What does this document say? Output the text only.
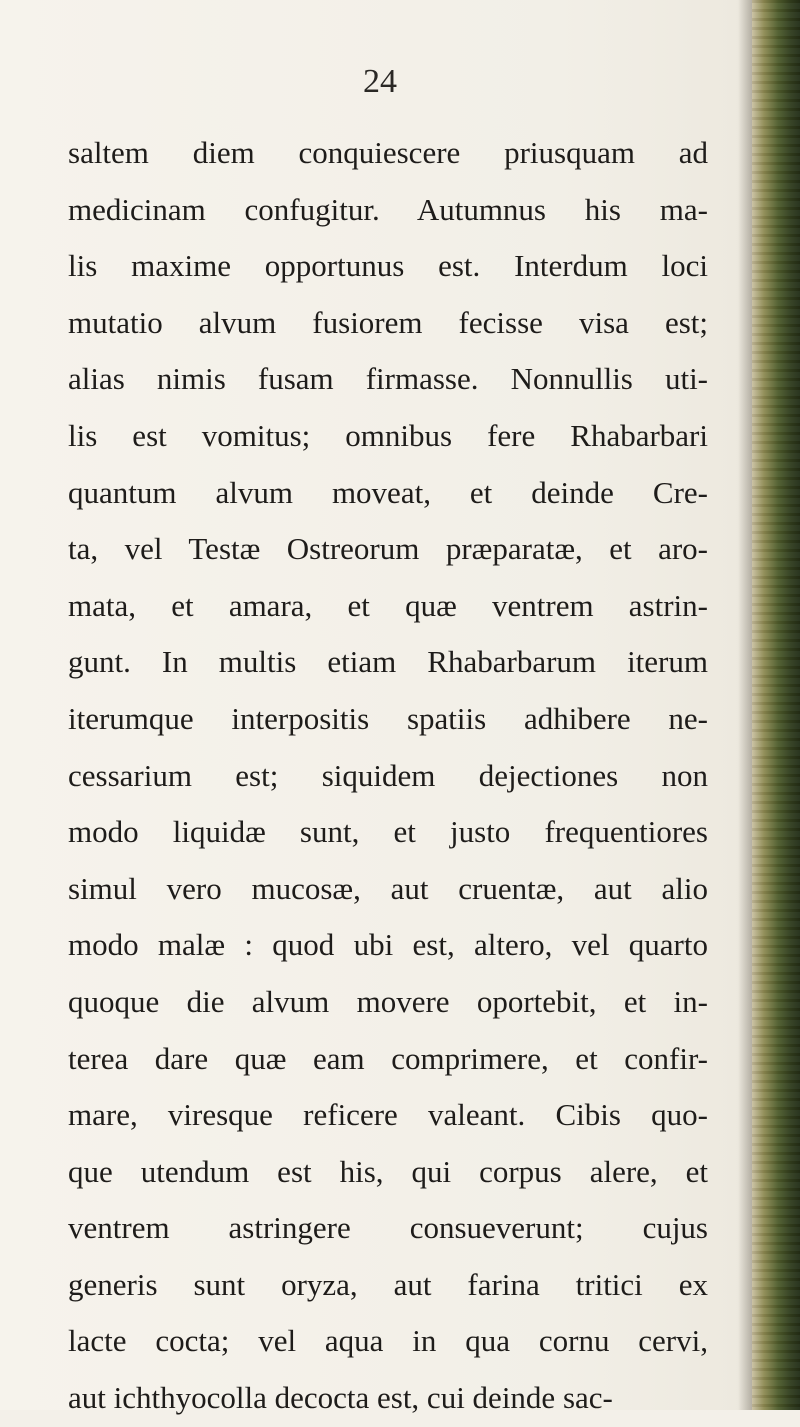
24
saltem diem conquiescere priusquam ad
medicinam confugitur. Autumnus his ma-
lis maxime opportunus est. Interdum loci
mutatio alvum fusiorem fecisse visa est;
alias nimis fusam firmasse. Nonnullis uti-
lis est vomitus; omnibus fere Rhabarbari
quantum alvum moveat, et deinde Cre-
ta, vel Testæ Ostreorum præparatæ, et aro-
mata, et amara, et quæ ventrem astrin-
gunt. In multis etiam Rhabarbarum iterum
iterumque interpositis spatiis adhibere ne-
cessarium est; siquidem dejectiones non
modo liquidæ sunt, et justo frequentiores
simul vero mucosæ, aut cruentæ, aut alio
modo malæ : quod ubi est, altero, vel quarto
quoque die alvum movere oportebit, et in-
terea dare quæ eam comprimere, et confir-
mare, viresque reficere valeant. Cibis quo-
que utendum est his, qui corpus alere, et
ventrem astringere consueverunt; cujus
generis sunt oryza, aut farina tritici ex
lacte cocta; vel aqua in qua cornu cervi,
aut ichthyocolla decocta est, cui deinde sac-
